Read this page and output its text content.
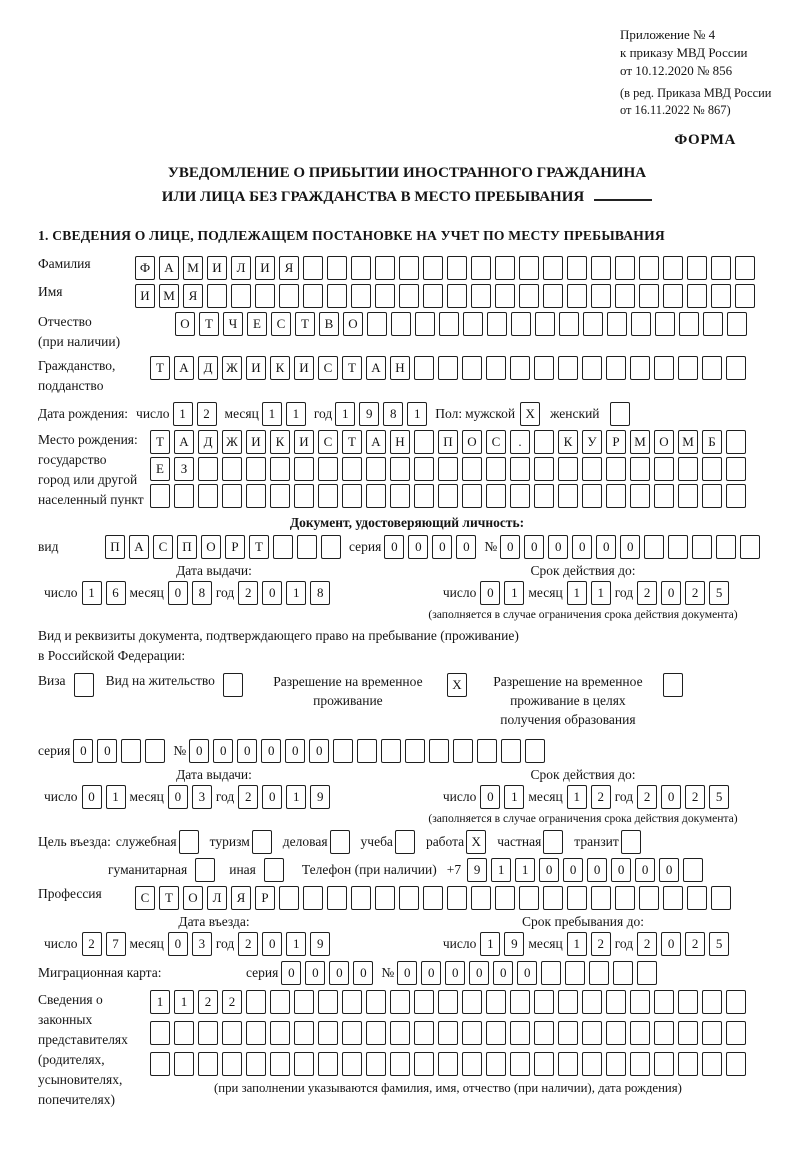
Приложение № 4
к приказу МВД России
от 10.12.2020 № 856
(в ред. Приказа МВД России
от 16.11.2022 № 867)
ФОРМА
УВЕДОМЛЕНИЕ О ПРИБЫТИИ ИНОСТРАННОГО ГРАЖДАНИНА
ИЛИ ЛИЦА БЕЗ ГРАЖДАНСТВА В МЕСТО ПРЕБЫВАНИЯ
1. СВЕДЕНИЯ О ЛИЦЕ, ПОДЛЕЖАЩЕМ ПОСТАНОВКЕ НА УЧЕТ ПО МЕСТУ ПРЕБЫВАНИЯ
Фамилия	Ф	А	М	И	Л	И	Я
Имя	И	М	Я
Отчество
(при наличии)
О	Т	Ч	Е	С	Т	В	О
Гражданство,
подданство
Т	А	Д	Ж	И	К	И	С	Т	А	Н
Дата рождения: число 1	2	месяц 1	1	год 1	9	8	1	Пол: мужской X	женский
Место рождения:
государство
город или другой
населенный пункт
Т	А	Д	Ж	И	К	И	С	Т	А	Н	П	О	С	.	К	У	Р	М	О	М	Б
Е	З
Документ, удостоверяющий личность:
вид	П	А	С	П	О	Р	Т	серия 0	0	0	0	№ 0	0	0	0	0	0
Дата выдачи:
число 1	6 месяц 0	8 год 2	0	1	8
Срок действия до:
число 0	1 месяц 1	1 год 2	0	2	5
(заполняется в случае ограничения срока действия документа)
Вид и реквизиты документа, подтверждающего право на пребывание (проживание)
в Российской Федерации:
Виза	Вид на жительство	Разрешение на временное проживание
X	Разрешение на временное проживание в целях получения образования
серия 0	0	№ 0	0	0	0	0	0
Дата выдачи:
число 0	1 месяц 0	3 год 2	0	1	9
Срок действия до:
число 0	1 месяц 1	2 год 2	0	2	5
(заполняется в случае ограничения срока действия документа)
Цель въезда: служебная туризм деловая учеба работа X	частная транзит
гуманитарная	иная	Телефон (при наличии) +7 9	1	1	0	0	0	0	0	0
Профессия	С	Т	О	Л	Я	Р
Дата въезда:
число 2	7 месяц 0	3 год 2	0	1	9
Срок пребывания до:
число 1	9 месяц 1	2 год 2	0	2	5
Миграционная карта:	серия 0	0	0	0	№ 0	0	0	0	0	0
Сведения о
законных
представителях
(родителях,
усыновителях,
попечителях)
1	1	2	2
(при заполнении указываются фамилия, имя, отчество (при наличии), дата рождения)
